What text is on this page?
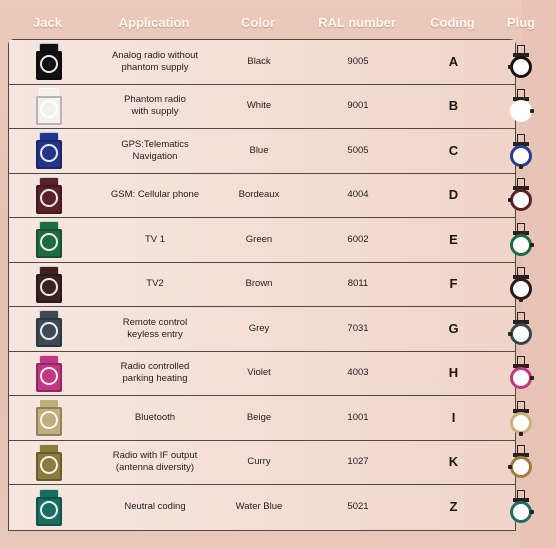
Jack	Application	Color	RAL number	Coding	Plug
Analog radio without
phantom supply
Black	9005	A
Phantom radio
with supply
White	9001	B
GPS:Telematics
Navigation
Blue	5005	C
GSM: Cellular phone	Bordeaux	4004	D
TV 1	Green	6002	E
TV2	Brown	8011	F
Remote control
keyless entry
Grey	7031	G
Radio controlled
parking heating
Violet	4003	H
Bluetooth	Beige	1001	I
Radio with IF output
(antenna diversity)
Curry	1027	K
Neutral coding	Water Blue	5021	Z
